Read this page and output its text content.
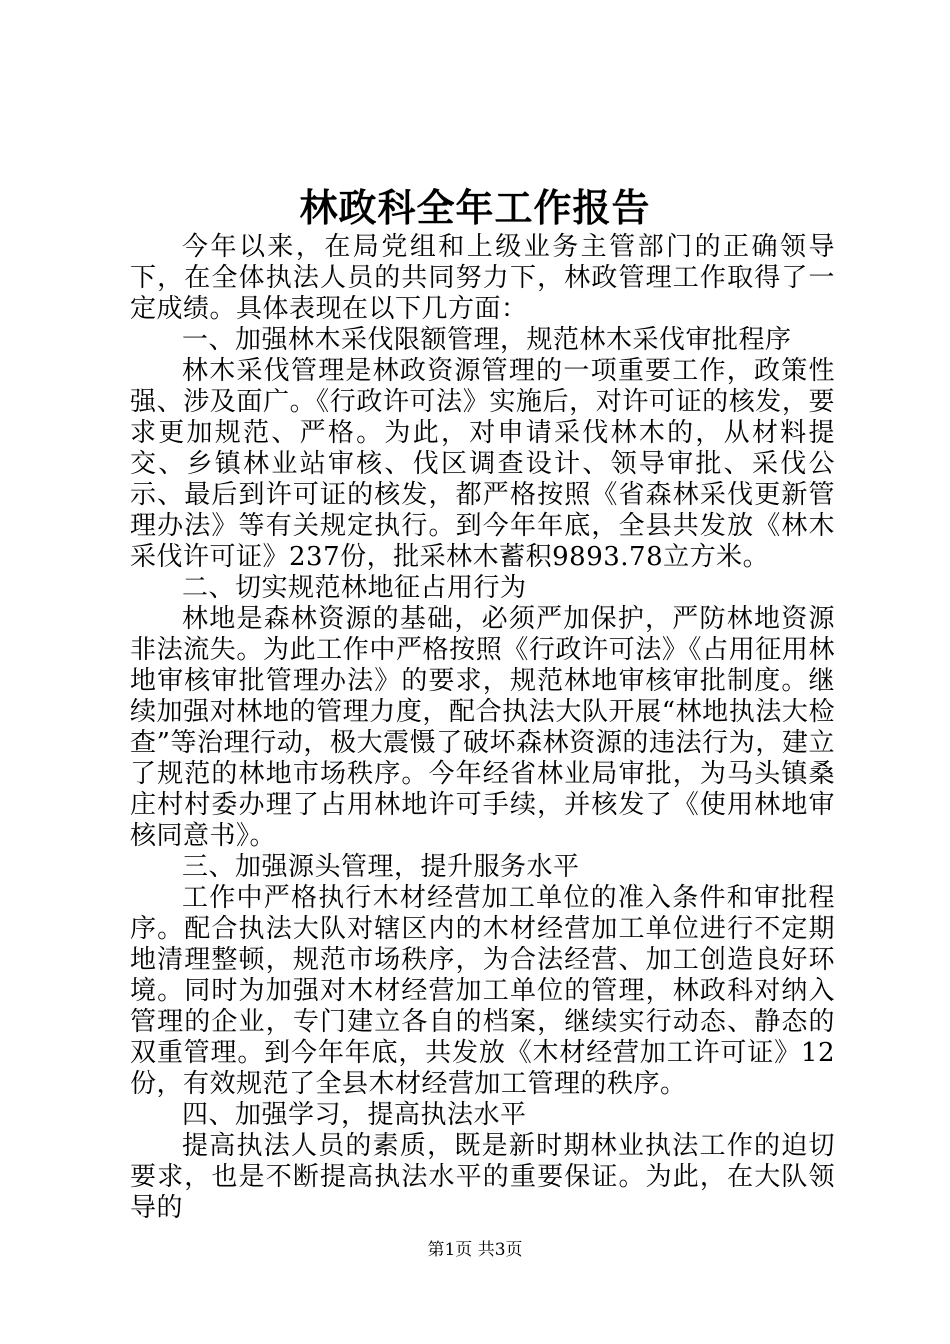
林政科全年工作报告

今年以来，在局党组和上级业务主管部门的正确领导下，在全体执法人员的共同努力下，林政管理工作取得了一定成绩。具体表现在以下几方面：

一、加强林木采伐限额管理，规范林木采伐审批程序

林木采伐管理是林政资源管理的一项重要工作，政策性强、涉及面广。《行政许可法》实施后，对许可证的核发，要求更加规范、严格。为此，对申请采伐林木的，从材料提交、乡镇林业站审核、伐区调查设计、领导审批、采伐公示、最后到许可证的核发，都严格按照《省森林采伐更新管理办法》等有关规定执行。到今年年底，全县共发放《林木采伐许可证》237份，批采林木蓄积9893.78立方米。

二、切实规范林地征占用行为

林地是森林资源的基础，必须严加保护，严防林地资源非法流失。为此工作中严格按照《行政许可法》《占用征用林地审核审批管理办法》的要求，规范林地审核审批制度。继续加强对林地的管理力度，配合执法大队开展“林地执法大检查”等治理行动，极大震慑了破坏森林资源的违法行为，建立了规范的林地市场秩序。今年经省林业局审批，为马头镇桑庄村村委办理了占用林地许可手续，并核发了《使用林地审核同意书》。

三、加强源头管理，提升服务水平

工作中严格执行木材经营加工单位的准入条件和审批程序。配合执法大队对辖区内的木材经营加工单位进行不定期地清理整顿，规范市场秩序，为合法经营、加工创造良好环境。同时为加强对木材经营加工单位的管理，林政科对纳入管理的企业，专门建立各自的档案，继续实行动态、静态的双重管理。到今年年底，共发放《木材经营加工许可证》12份，有效规范了全县木材经营加工管理的秩序。

四、加强学习，提高执法水平

提高执法人员的素质，既是新时期林业执法工作的迫切要求，也是不断提高执法水平的重要保证。为此，在大队领导的

第1页 共3页
